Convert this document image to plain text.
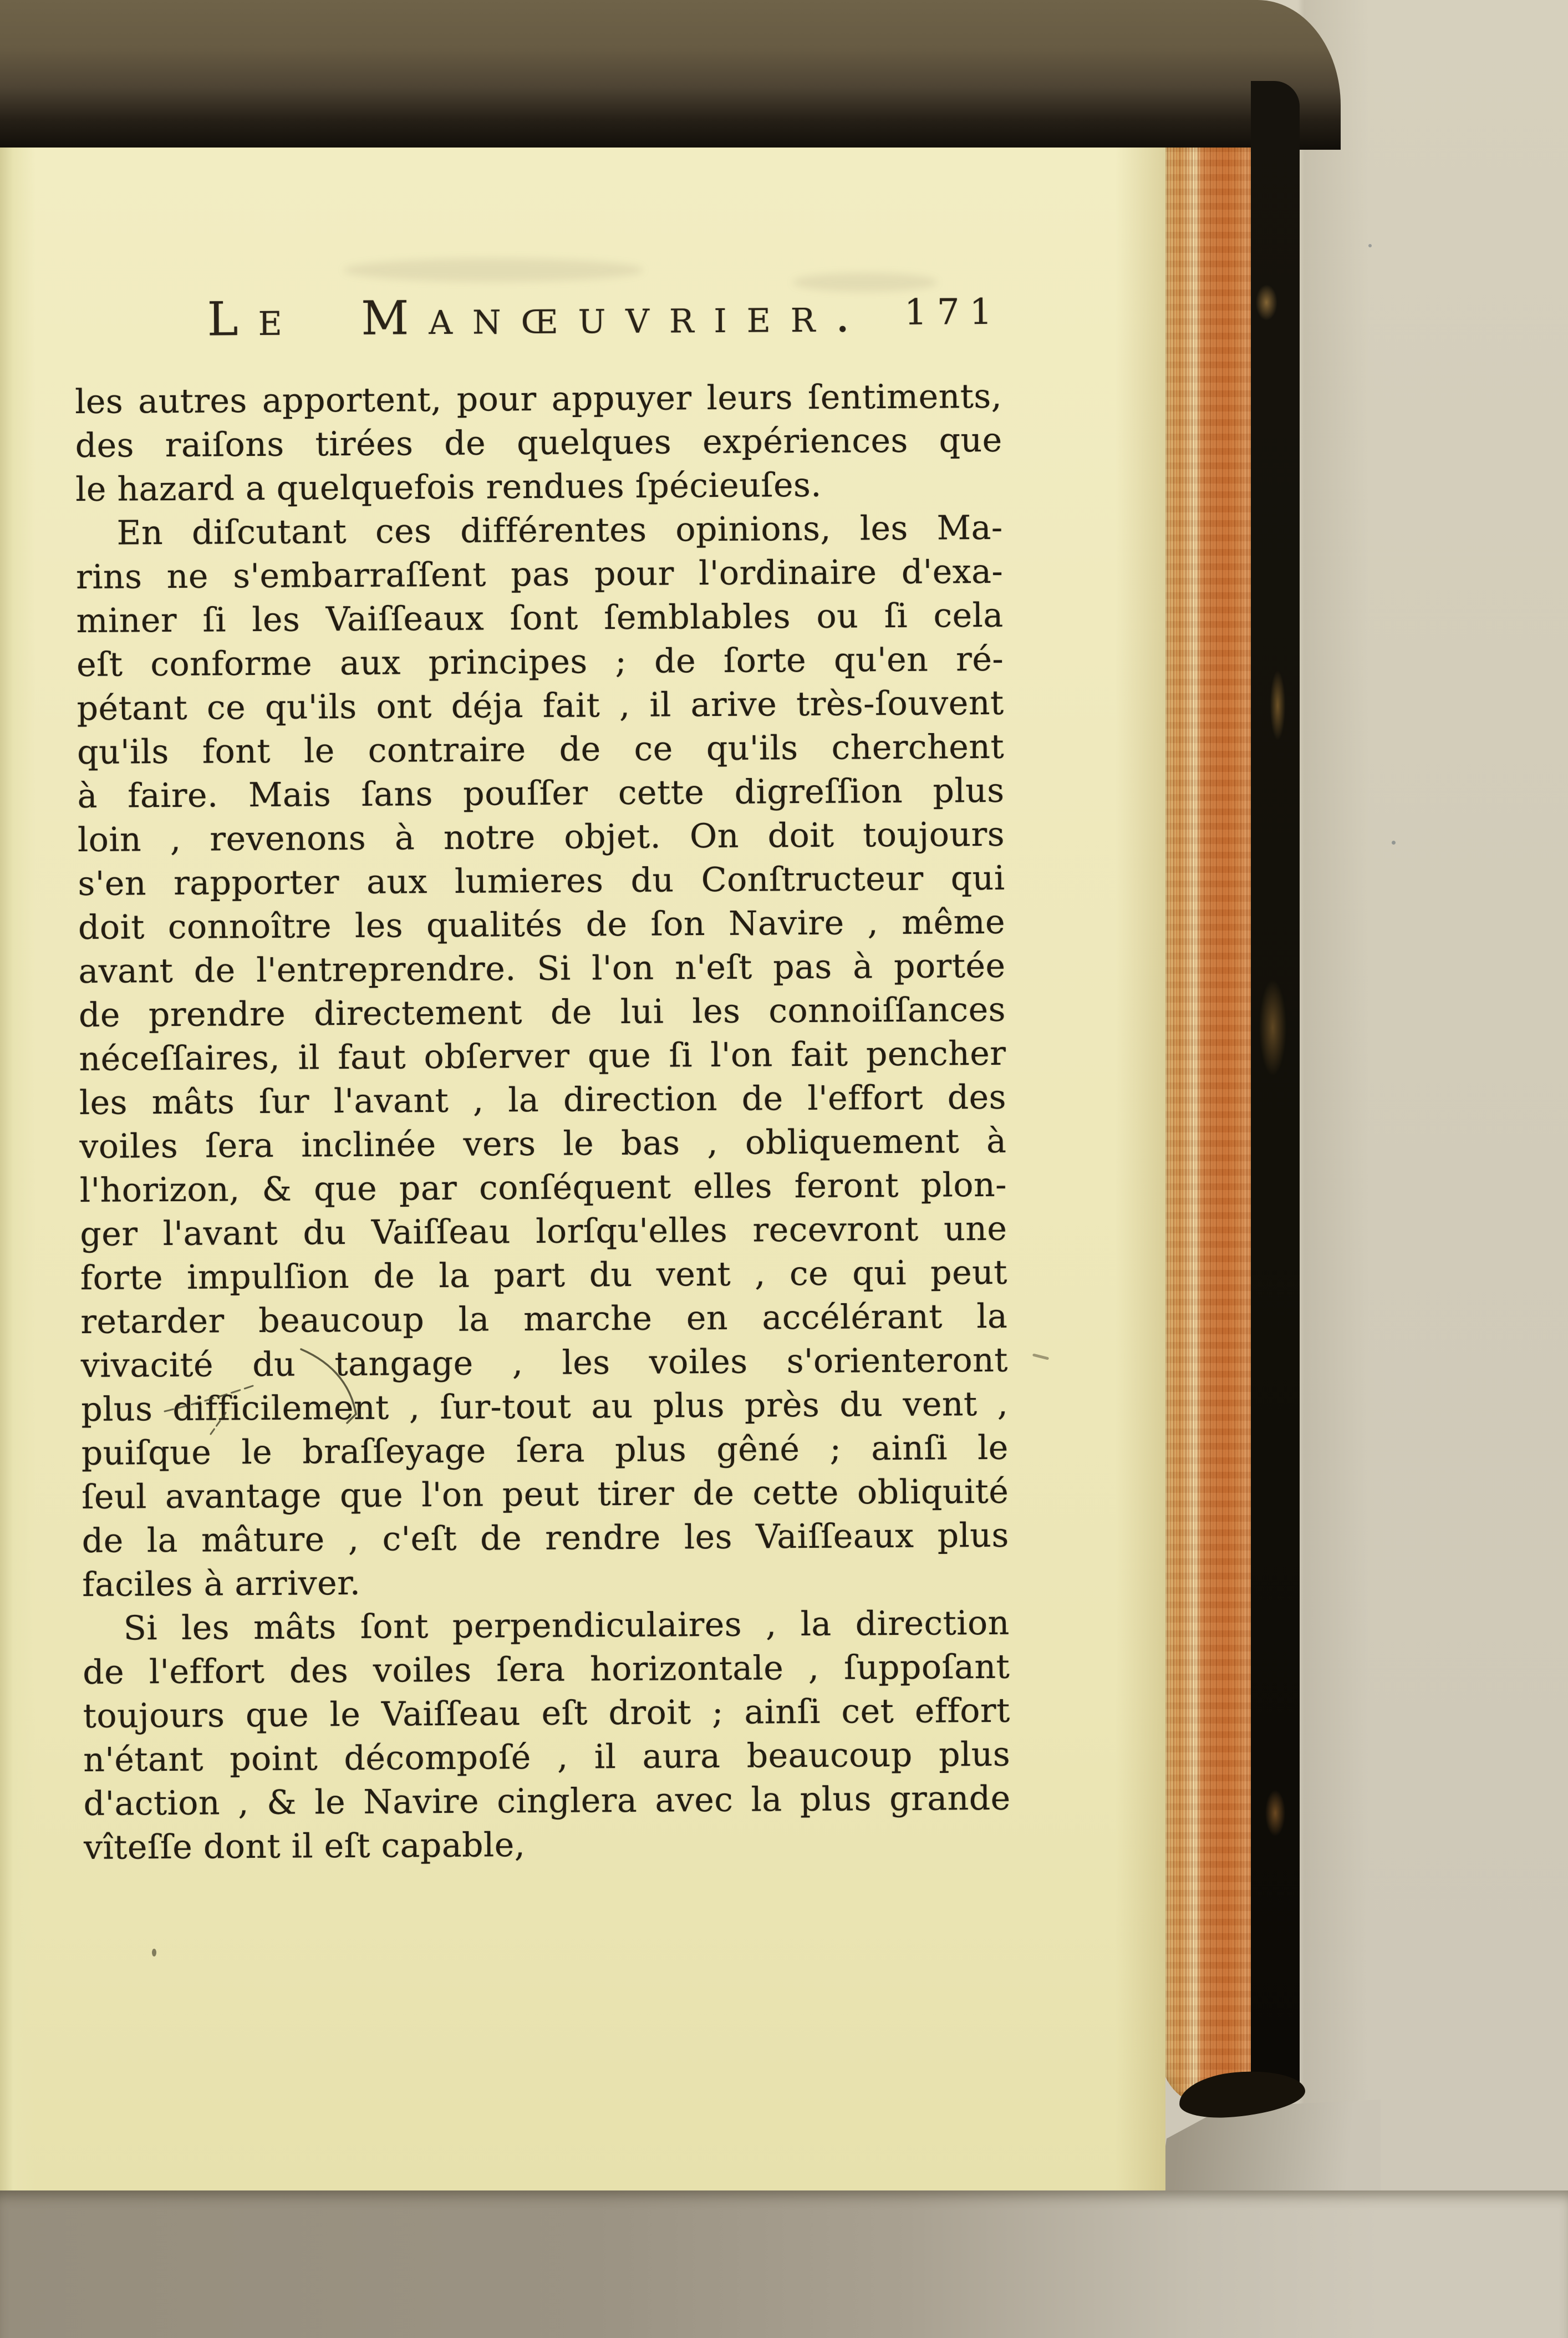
Le Manœuvrier. 171
les autres apportent, pour appuyer leurs ſentiments,
des raiſons tirées de quelques expériences que
le hazard a quelquefois rendues ſpécieuſes.
En diſcutant ces différentes opinions, les Ma-
rins ne s'embarraſſent pas pour l'ordinaire d'exa-
miner ſi les Vaiſſeaux ſont ſemblables ou ſi cela
eſt conforme aux principes ; de ſorte qu'en ré-
pétant ce qu'ils ont déja fait , il arive très-ſouvent
qu'ils font le contraire de ce qu'ils cherchent
à faire. Mais ſans pouſſer cette digreſſion plus
loin , revenons à notre objet. On doit toujours
s'en rapporter aux lumieres du Conſtructeur qui
doit connoître les qualités de ſon Navire , même
avant de l'entreprendre. Si l'on n'eſt pas à portée
de prendre directement de lui les connoiſſances
néceſſaires, il faut obſerver que ſi l'on fait pencher
les mâts ſur l'avant , la direction de l'effort des
voiles ſera inclinée vers le bas , obliquement à
l'horizon, & que par conſéquent elles feront plon-
ger l'avant du Vaiſſeau lorſqu'elles recevront une
forte impulſion de la part du vent , ce qui peut
retarder beaucoup la marche en accélérant la
vivacité du tangage , les voiles s'orienteront
plus difficilement , ſur-tout au plus près du vent ,
puiſque le braſſeyage ſera plus gêné ; ainſi le
ſeul avantage que l'on peut tirer de cette obliquité
de la mâture , c'eſt de rendre les Vaiſſeaux plus
faciles à arriver.
Si les mâts ſont perpendiculaires , la direction
de l'effort des voiles ſera horizontale , ſuppoſant
toujours que le Vaiſſeau eſt droit ; ainſi cet effort
n'étant point décompoſé , il aura beaucoup plus
d'action , & le Navire cinglera avec la plus grande
vîteſſe dont il eſt capable,
